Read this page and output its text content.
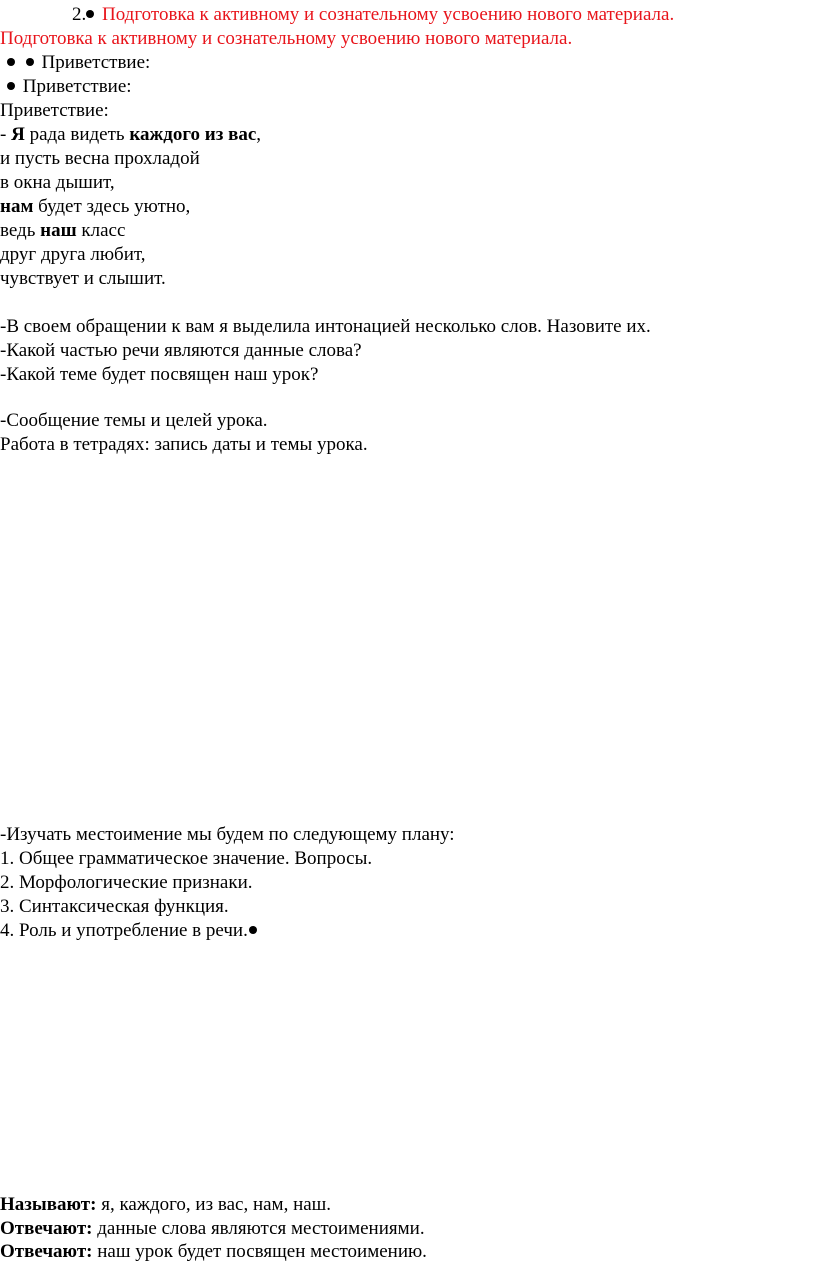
2. Подготовка к активному и сознательному усвоению нового материала.
Подготовка к активному и сознательному усвоению нового материала.
Приветствие:
Приветствие:
Приветствие:
- Я рада видеть каждого из вас,
и пусть весна прохладой
в окна дышит,
нам будет здесь уютно,
ведь наш класс
друг друга любит,
чувствует и слышит.
-В своем обращении к вам я выделила интонацией несколько слов. Назовите их.
-Какой частью речи являются данные слова?
-Какой теме будет посвящен наш урок?
-Сообщение темы и целей урока.
Работа в тетрадях: запись даты и темы урока.
-Изучать местоимение мы будем по следующему плану:
1. Общее грамматическое значение. Вопросы.
2. Морфологические признаки.
3. Синтаксическая функция.
4. Роль и употребление в речи.
Называют: я, каждого, из вас, нам, наш.
Отвечают: данные слова являются местоимениями.
Отвечают: наш урок будет посвящен местоимению.
